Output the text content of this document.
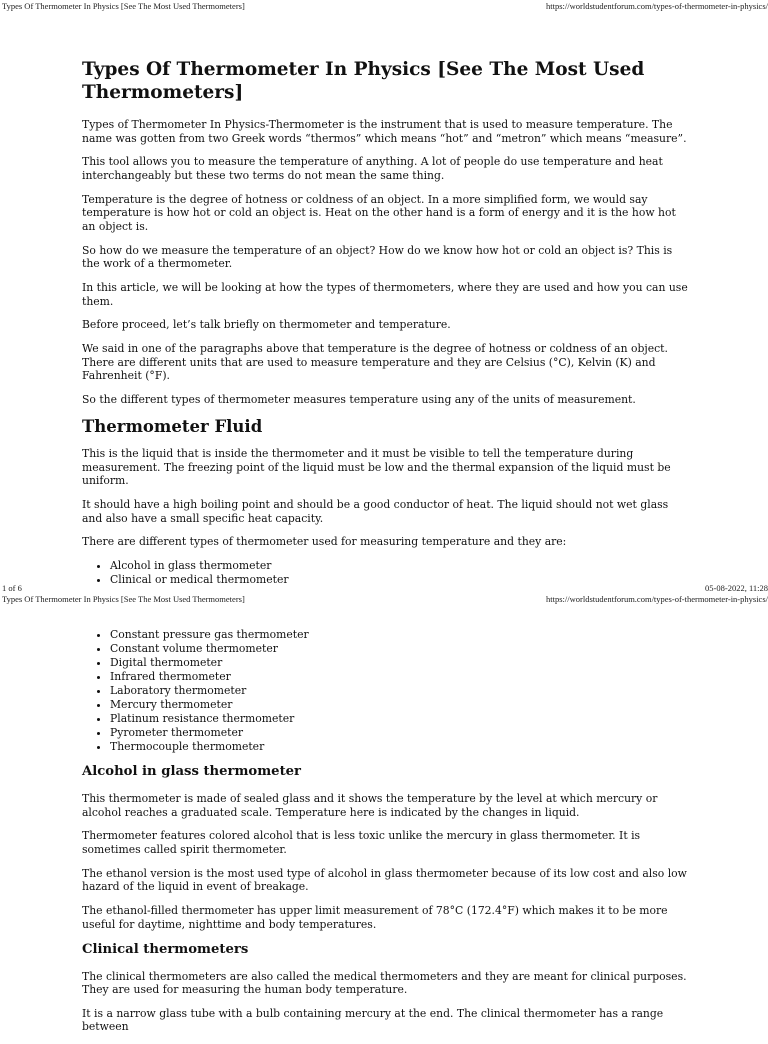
Types Of Thermometer In Physics [See The Most Used Thermometers]	https://worldstudentforum.com/types-of-thermometer-in-physics/
Types Of Thermometer In Physics [See The Most Used Thermometers]

Types of Thermometer In Physics-Thermometer is the instrument that is used to measure temperature. The name was gotten from two Greek words “thermos” which means “hot” and “metron” which means “measure”.

This tool allows you to measure the temperature of anything. A lot of people do use temperature and heat interchangeably but these two terms do not mean the same thing.

Temperature is the degree of hotness or coldness of an object. In a more simplified form, we would say temperature is how hot or cold an object is. Heat on the other hand is a form of energy and it is the how hot an object is.

So how do we measure the temperature of an object? How do we know how hot or cold an object is? This is the work of a thermometer.

In this article, we will be looking at how the types of thermometers, where they are used and how you can use them.

Before proceed, let’s talk briefly on thermometer and temperature.

We said in one of the paragraphs above that temperature is the degree of hotness or coldness of an object. There are different units that are used to measure temperature and they are Celsius (°C), Kelvin (K) and Fahrenheit (°F).

So the different types of thermometer measures temperature using any of the units of measurement.

Thermometer Fluid

This is the liquid that is inside the thermometer and it must be visible to tell the temperature during measurement. The freezing point of the liquid must be low and the thermal expansion of the liquid must be uniform.

It should have a high boiling point and should be a good conductor of heat. The liquid should not wet glass and also have a small specific heat capacity.

There are different types of thermometer used for measuring temperature and they are:

• Alcohol in glass thermometer
• Clinical or medical thermometer
1 of 6	05-08-2022, 11:28
Types Of Thermometer In Physics [See The Most Used Thermometers]	https://worldstudentforum.com/types-of-thermometer-in-physics/
• Constant pressure gas thermometer
• Constant volume thermometer
• Digital thermometer
• Infrared thermometer
• Laboratory thermometer
• Mercury thermometer
• Platinum resistance thermometer
• Pyrometer thermometer
• Thermocouple thermometer
Alcohol in glass thermometer

This thermometer is made of sealed glass and it shows the temperature by the level at which mercury or alcohol reaches a graduated scale. Temperature here is indicated by the changes in liquid.

Thermometer features colored alcohol that is less toxic unlike the mercury in glass thermometer. It is sometimes called spirit thermometer.

The ethanol version is the most used type of alcohol in glass thermometer because of its low cost and also low hazard of the liquid in event of breakage.

The ethanol-filled thermometer has upper limit measurement of 78°C (172.4°F) which makes it to be more useful for daytime, nighttime and body temperatures.

Clinical thermometers

The clinical thermometers are also called the medical thermometers and they are meant for clinical purposes. They are used for measuring the human body temperature.

It is a narrow glass tube with a bulb containing mercury at the end. The clinical thermometer has a range between
